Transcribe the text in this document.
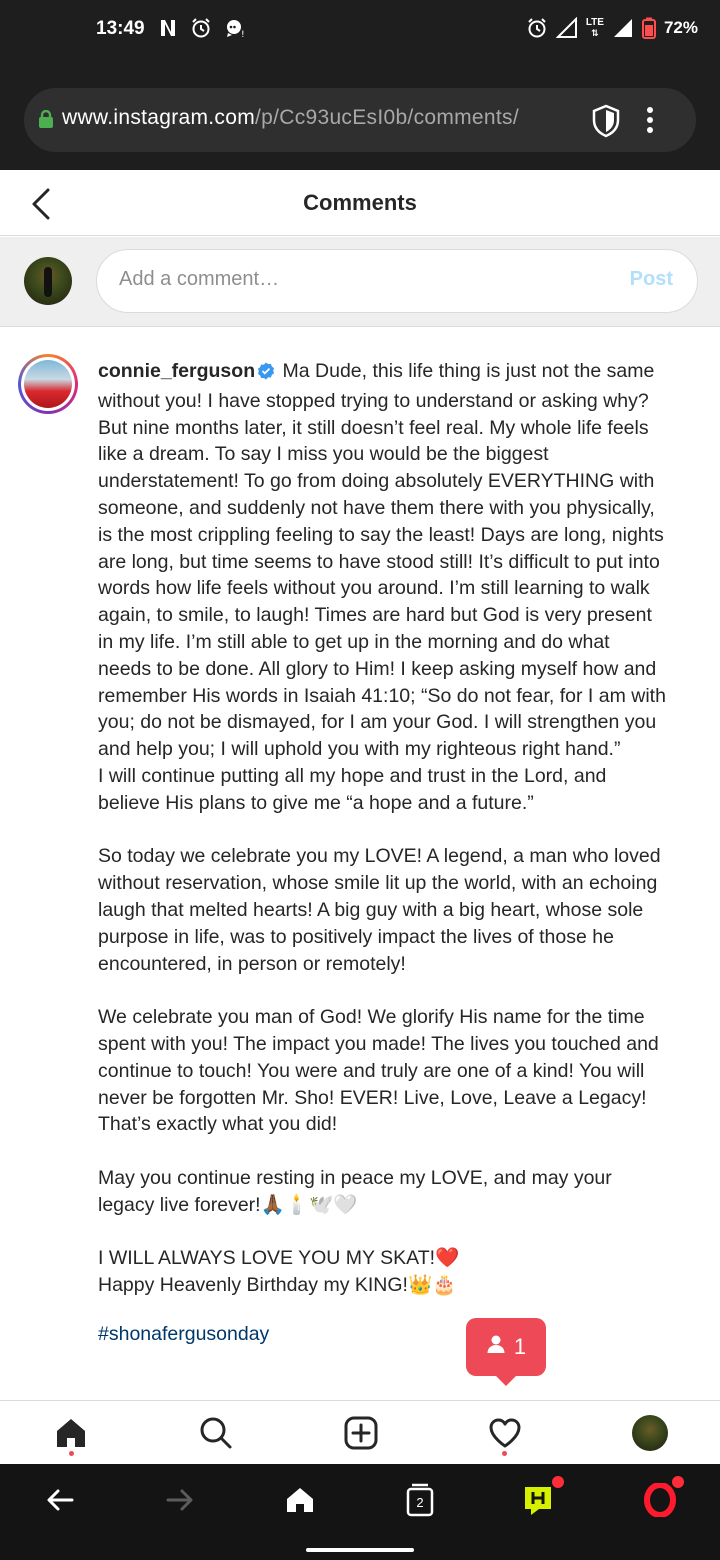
13:49	!
LTE
⇅	72%
www.instagram.com/p/Cc93ucEsI0b/comments/
Comments
Add a comment…
Post
connie_ferguson Ma Dude, this life thing is just not the same without you! I have stopped trying to understand or asking why? But nine months later, it still doesn’t feel real. My whole life feels like a dream. To say I miss you would be the biggest understatement! To go from doing absolutely EVERYTHING with someone, and suddenly not have them there with you physically, is the most crippling feeling to say the least! Days are long, nights are long, but time seems to have stood still! It’s difficult to put into words how life feels without you around. I’m still learning to walk again, to smile, to laugh! Times are hard but God is very present in my life. I’m still able to get up in the morning and do what needs to be done. All glory to Him! I keep asking myself how and remember His words in Isaiah 41:10; “So do not fear, for I am with you; do not be dismayed, for I am your God. I will strengthen you and help you; I will uphold you with my righteous right hand.”
I will continue putting all my hope and trust in the Lord, and believe His plans to give me “a hope and a future.”
So today we celebrate you my LOVE! A legend, a man who loved without reservation, whose smile lit up the world, with an echoing laugh that melted hearts! A big guy with a big heart, whose sole purpose in life, was to positively impact the lives of those he encountered, in person or remotely!
We celebrate you man of God! We glorify His name for the time spent with you! The impact you made! The lives you touched and continue to touch! You were and truly are one of a kind! You will never be forgotten Mr. Sho! EVER! Live, Love, Leave a Legacy! That’s exactly what you did!
May you continue resting in peace my LOVE, and may your legacy live forever!🙏🏾🕯️🕊️🤍
I WILL ALWAYS LOVE YOU MY SKAT!❤️
Happy Heavenly Birthday my KING!👑🎂
#shonafergusonday
1
2
